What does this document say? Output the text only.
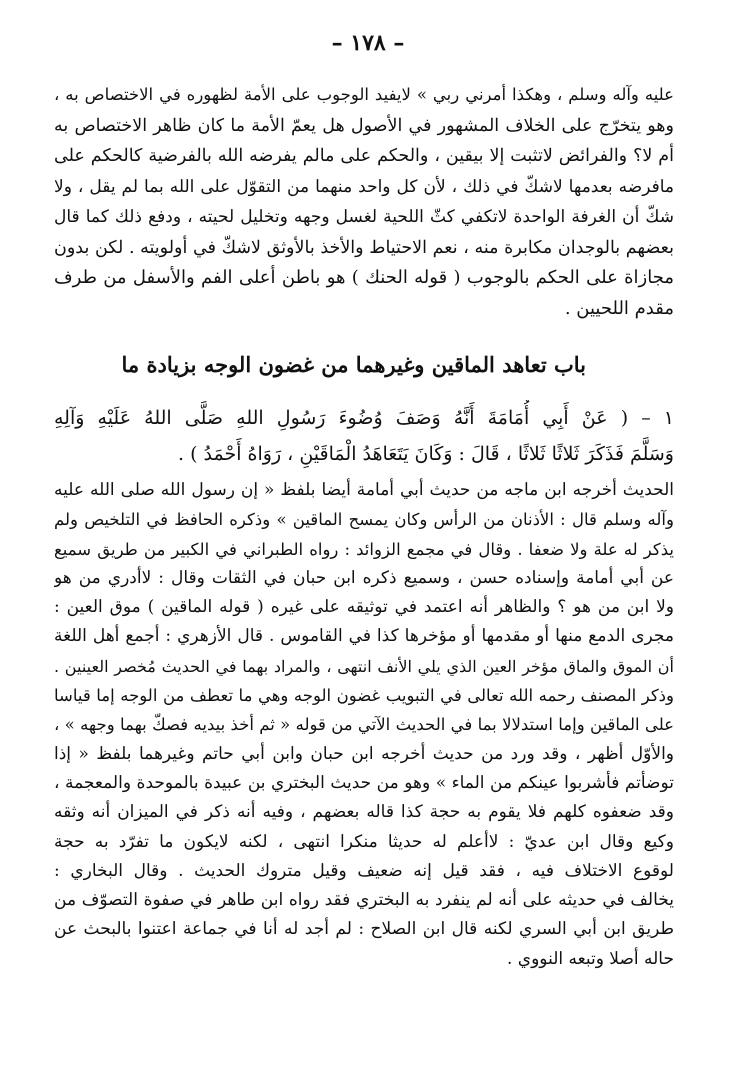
– ١٧٨ –
عليه وآله وسلم ، وهكذا أمرني ربي » لايفيد الوجوب على الأمة لظهوره في الاختصاص به ،
وهو يتخرّج على الخلاف المشهور في الأصول هل يعمّ الأمة ما كان ظاهر الاختصاص به
أم لا؟ والفرائض لاتثبت إلا بيقين ، والحكم على مالم يفرضه الله بالفرضية كالحكم على
مافرضه بعدمها لاشكّ في ذلك ، لأن كل واحد منهما من التقوّل على الله بما لم يقل ، ولا
شكّ أن الغرفة الواحدة لاتكفي كثّ اللحية لغسل وجهه وتخليل لحيته ، ودفع ذلك كما قال
بعضهم بالوجدان مكابرة منه ، نعم الاحتياط والأخذ بالأوثق لاشكّ في أولويته . لكن بدون
مجازاة على الحكم بالوجوب ( قوله الحنك ) هو باطن أعلى الفم والأسفل من طرف
مقدم اللحيين .
باب تعاهد الماقين وغيرهما من غضون الوجه بزيادة ما
١ – ( عَنْ أَبِي أُمَامَةَ أَنَّهُ وَصَفَ وُضُوءَ رَسُولِ اللهِ صَلَّى اللهُ عَلَيْهِ وَآلِهِ
وَسَلَّمَ فَذَكَرَ ثَلاثًا ثَلاثًا ، قَالَ : وَكَانَ يَتَعَاهَدُ الْمَاقَيْنِ ، رَوَاهُ أَحْمَدُ ) .
الحديث أخرجه ابن ماجه من حديث أبي أمامة أيضا بلفظ « إن رسول الله صلى الله عليه
وآله وسلم قال : الأذنان من الرأس وكان يمسح الماقين » وذكره الحافظ في التلخيص ولم
يذكر له علة ولا ضعفا . وقال في مجمع الزوائد : رواه الطبراني في الكبير من طريق سميع
عن أبي أمامة وإسناده حسن ، وسميع ذكره ابن حبان في الثقات وقال : لاأدري من هو
ولا ابن من هو ؟ والظاهر أنه اعتمد في توثيقه على غيره ( قوله الماقين ) موق العين :
مجرى الدمع منها أو مقدمها أو مؤخرها كذا في القاموس . قال الأزهري : أجمع أهل اللغة
أن الموق والماق مؤخر العين الذي يلي الأنف انتهى ، والمراد بهما في الحديث مُخصر العينين .
وذكر المصنف رحمه الله تعالى في التبويب غضون الوجه وهي ما تعطف من الوجه إما قياسا
على الماقين وإما استدلالا بما في الحديث الآتي من قوله « ثم أخذ بيديه فصكّ بهما وجهه » ،
والأوّل أظهر ، وقد ورد من حديث أخرجه ابن حبان وابن أبي حاتم وغيرهما بلفظ « إذا
توضأتم فأشربوا عينكم من الماء » وهو من حديث البختري بن عبيدة بالموحدة والمعجمة ،
وقد ضعفوه كلهم فلا يقوم به حجة كذا قاله بعضهم ، وفيه أنه ذكر في الميزان أنه وثقه
وكيع وقال ابن عديّ : لاأعلم له حديثا منكرا انتهى ، لكنه لايكون ما تفرّد به حجة
لوقوع الاختلاف فيه ، فقد قيل إنه ضعيف وقيل متروك الحديث . وقال البخاري :
يخالف في حديثه على أنه لم ينفرد به البختري فقد رواه ابن طاهر في صفوة التصوّف من
طريق ابن أبي السري لكنه قال ابن الصلاح : لم أجد له أنا في جماعة اعتنوا بالبحث عن
حاله أصلا وتبعه النووي .
